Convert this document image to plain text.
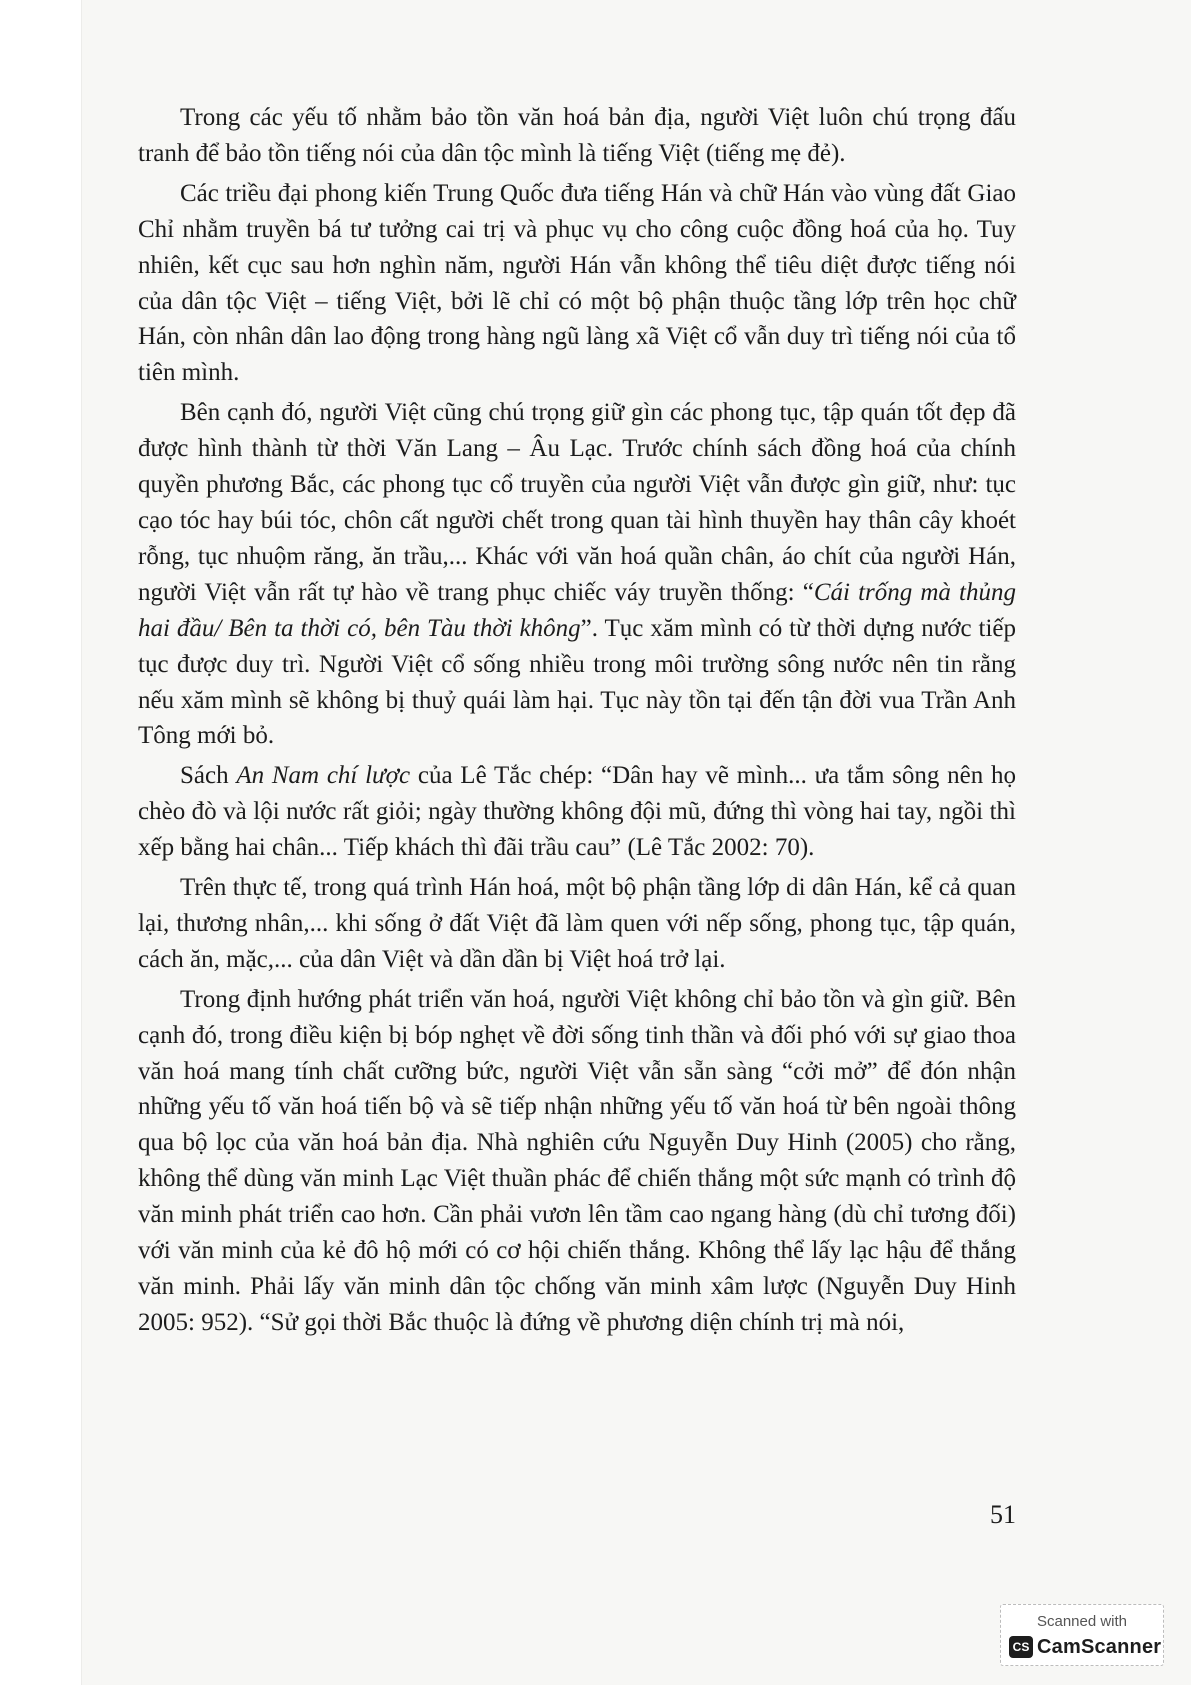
Trong các yếu tố nhằm bảo tồn văn hoá bản địa, người Việt luôn chú trọng đấu tranh để bảo tồn tiếng nói của dân tộc mình là tiếng Việt (tiếng mẹ đẻ).

Các triều đại phong kiến Trung Quốc đưa tiếng Hán và chữ Hán vào vùng đất Giao Chỉ nhằm truyền bá tư tưởng cai trị và phục vụ cho công cuộc đồng hoá của họ. Tuy nhiên, kết cục sau hơn nghìn năm, người Hán vẫn không thể tiêu diệt được tiếng nói của dân tộc Việt – tiếng Việt, bởi lẽ chỉ có một bộ phận thuộc tầng lớp trên học chữ Hán, còn nhân dân lao động trong hàng ngũ làng xã Việt cổ vẫn duy trì tiếng nói của tổ tiên mình.

Bên cạnh đó, người Việt cũng chú trọng giữ gìn các phong tục, tập quán tốt đẹp đã được hình thành từ thời Văn Lang – Âu Lạc. Trước chính sách đồng hoá của chính quyền phương Bắc, các phong tục cổ truyền của người Việt vẫn được gìn giữ, như: tục cạo tóc hay búi tóc, chôn cất người chết trong quan tài hình thuyền hay thân cây khoét rỗng, tục nhuộm răng, ăn trầu,... Khác với văn hoá quần chân, áo chít của người Hán, người Việt vẫn rất tự hào về trang phục chiếc váy truyền thống: “Cái trống mà thủng hai đầu/ Bên ta thời có, bên Tàu thời không”. Tục xăm mình có từ thời dựng nước tiếp tục được duy trì. Người Việt cổ sống nhiều trong môi trường sông nước nên tin rằng nếu xăm mình sẽ không bị thuỷ quái làm hại. Tục này tồn tại đến tận đời vua Trần Anh Tông mới bỏ.

Sách An Nam chí lược của Lê Tắc chép: “Dân hay vẽ mình... ưa tắm sông nên họ chèo đò và lội nước rất giỏi; ngày thường không đội mũ, đứng thì vòng hai tay, ngồi thì xếp bằng hai chân... Tiếp khách thì đãi trầu cau” (Lê Tắc 2002: 70).

Trên thực tế, trong quá trình Hán hoá, một bộ phận tầng lớp di dân Hán, kể cả quan lại, thương nhân,... khi sống ở đất Việt đã làm quen với nếp sống, phong tục, tập quán, cách ăn, mặc,... của dân Việt và dần dần bị Việt hoá trở lại.

Trong định hướng phát triển văn hoá, người Việt không chỉ bảo tồn và gìn giữ. Bên cạnh đó, trong điều kiện bị bóp nghẹt về đời sống tinh thần và đối phó với sự giao thoa văn hoá mang tính chất cưỡng bức, người Việt vẫn sẵn sàng “cởi mở” để đón nhận những yếu tố văn hoá tiến bộ và sẽ tiếp nhận những yếu tố văn hoá từ bên ngoài thông qua bộ lọc của văn hoá bản địa. Nhà nghiên cứu Nguyễn Duy Hinh (2005) cho rằng, không thể dùng văn minh Lạc Việt thuần phác để chiến thắng một sức mạnh có trình độ văn minh phát triển cao hơn. Cần phải vươn lên tầm cao ngang hàng (dù chỉ tương đối) với văn minh của kẻ đô hộ mới có cơ hội chiến thắng. Không thể lấy lạc hậu để thắng văn minh. Phải lấy văn minh dân tộc chống văn minh xâm lược (Nguyễn Duy Hinh 2005: 952). “Sử gọi thời Bắc thuộc là đứng về phương diện chính trị mà nói,

51
Scanned with
CS CamScanner
